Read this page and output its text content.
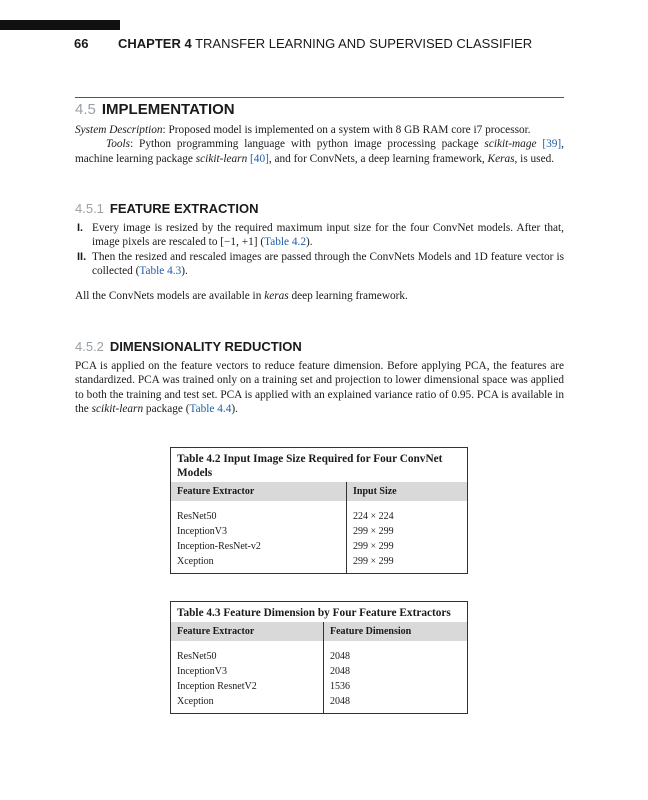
66 CHAPTER 4 TRANSFER LEARNING AND SUPERVISED CLASSIFIER
4.5 IMPLEMENTATION
System Description: Proposed model is implemented on a system with 8 GB RAM core i7 processor.
Tools: Python programming language with python image processing package scikit-mage [39], machine learning package scikit-learn [40], and for ConvNets, a deep learning framework, Keras, is used.
4.5.1 FEATURE EXTRACTION
I. Every image is resized by the required maximum input size for the four ConvNet models. After that, image pixels are rescaled to [−1, +1] (Table 4.2).
II. Then the resized and rescaled images are passed through the ConvNets Models and 1D feature vector is collected (Table 4.3).
All the ConvNets models are available in keras deep learning framework.
4.5.2 DIMENSIONALITY REDUCTION
PCA is applied on the feature vectors to reduce feature dimension. Before applying PCA, the features are standardized. PCA was trained only on a training set and projection to lower dimensional space was applied to both the training and test set. PCA is applied with an explained variance ratio of 0.95. PCA is available in the scikit-learn package (Table 4.4).
Table 4.2 Input Image Size Required for Four ConvNet Models	
Feature Extractor	Input Size
ResNet50	224 × 224
InceptionV3	299 × 299
Inception-ResNet-v2	299 × 299
Xception	299 × 299
Table 4.3 Feature Dimension by Four Feature Extractors	
Feature Extractor	Feature Dimension
ResNet50	2048
InceptionV3	2048
Inception ResnetV2	1536
Xception	2048
